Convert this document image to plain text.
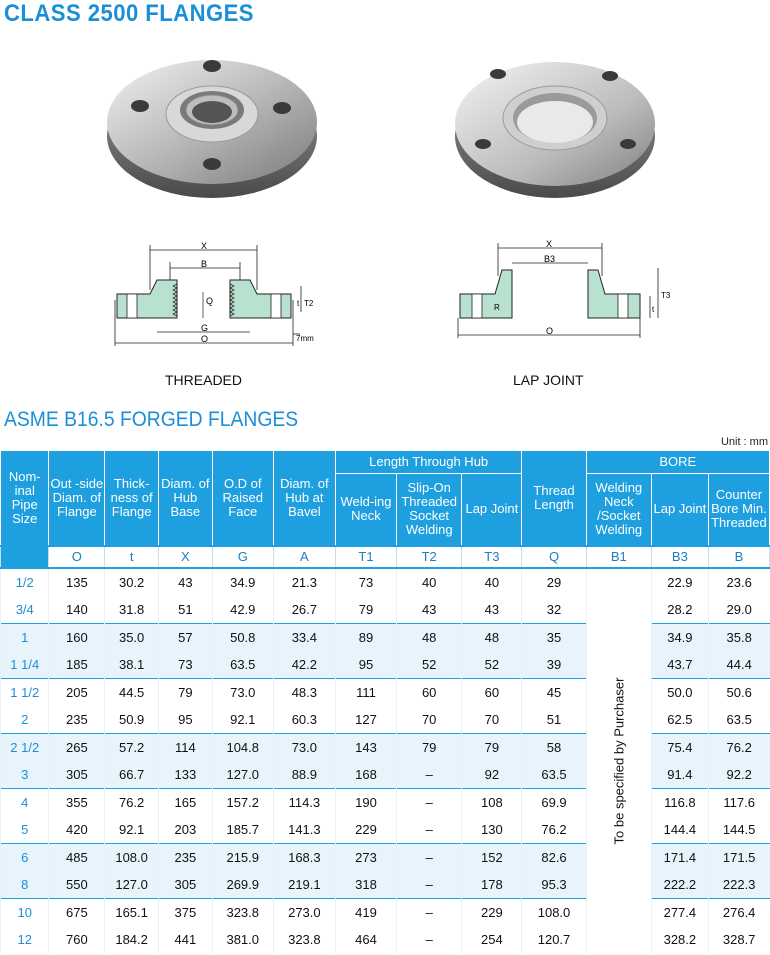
CLASS 2500 FLANGES
X
B
Q	t T2
G
O	7mm
X
B3
T3
t
R
O
THREADED	LAP JOINT
ASME B16.5 FORGED FLANGES
Unit : mm
Nom-inal Pipe Size	Out -side Diam. of Flange	Thick-ness of Flange	Diam. of Hub Base	O.D of Raised Face	Diam. of Hub at Bavel	Length Through Hub			Thread Length	BORE		
						Weld-ing Neck	Slip-On Threaded Socket Welding	Lap Joint		Welding Neck /Socket Welding	Lap Joint	Counter Bore Min. Threaded
	O	t	X	G	A	T1	T2	T3	Q	B1	B3	B
1/2	135	30.2	43	34.9	21.3	73	40	40	29	To be specified by Purchaser	22.9	23.6
3/4	140	31.8	51	42.9	26.7	79	43	43	32		28.2	29.0
1	160	35.0	57	50.8	33.4	89	48	48	35		34.9	35.8
1 1/4	185	38.1	73	63.5	42.2	95	52	52	39		43.7	44.4
1 1/2	205	44.5	79	73.0	48.3	111	60	60	45		50.0	50.6
2	235	50.9	95	92.1	60.3	127	70	70	51		62.5	63.5
2 1/2	265	57.2	114	104.8	73.0	143	79	79	58		75.4	76.2
3	305	66.7	133	127.0	88.9	168	–	92	63.5		91.4	92.2
4	355	76.2	165	157.2	114.3	190	–	108	69.9		116.8	117.6
5	420	92.1	203	185.7	141.3	229	–	130	76.2		144.4	144.5
6	485	108.0	235	215.9	168.3	273	–	152	82.6		171.4	171.5
8	550	127.0	305	269.9	219.1	318	–	178	95.3		222.2	222.3
10	675	165.1	375	323.8	273.0	419	–	229	108.0		277.4	276.4
12	760	184.2	441	381.0	323.8	464	–	254	120.7		328.2	328.7
